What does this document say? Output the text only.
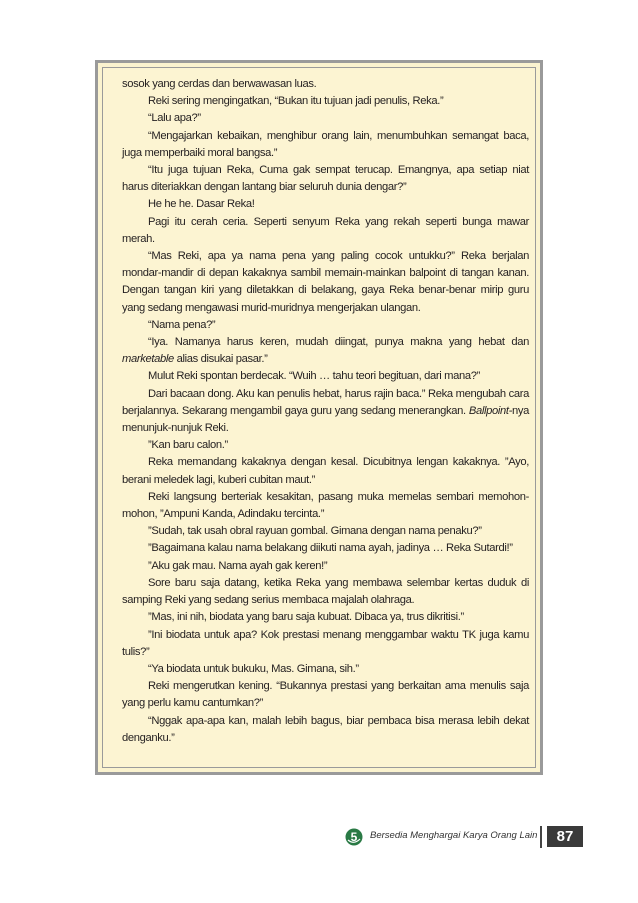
sosok yang cerdas dan berwawasan luas.

Reki sering mengingatkan, “Bukan itu tujuan jadi penulis, Reka.”

“Lalu apa?”

“Mengajarkan kebaikan, menghibur orang lain, menumbuhkan semangat baca, juga memperbaiki moral bangsa.”

“Itu juga tujuan Reka, Cuma gak sempat terucap. Emangnya, apa setiap niat harus diteriakkan dengan lantang biar seluruh dunia dengar?”

He he he. Dasar Reka!

Pagi itu cerah ceria. Seperti senyum Reka yang rekah seperti bunga mawar merah.

“Mas Reki, apa ya nama pena yang paling cocok untukku?” Reka berjalan mondar-mandir di depan kakaknya sambil memain-mainkan balpoint di tangan kanan. Dengan tangan kiri yang diletakkan di belakang, gaya Reka benar-benar mirip guru yang sedang mengawasi murid-muridnya mengerjakan ulangan.

“Nama pena?”

“Iya. Namanya harus keren, mudah diingat, punya makna yang hebat dan marketable alias disukai pasar.”

Mulut Reki spontan berdecak. “Wuih … tahu teori begituan, dari mana?”

Dari bacaan dong. Aku kan penulis hebat, harus rajin baca.” Reka mengubah cara berjalannya. Sekarang mengambil gaya guru yang sedang menerangkan. Ballpoint-nya menunjuk-nunjuk Reki.

”Kan baru calon.”

Reka memandang kakaknya dengan kesal. Dicubitnya lengan kakaknya. ”Ayo, berani meledek lagi, kuberi cubitan maut.”

Reki langsung berteriak kesakitan, pasang muka memelas sembari memohon-mohon, ”Ampuni Kanda, Adindaku tercinta.”

”Sudah, tak usah obral rayuan gombal. Gimana dengan nama penaku?”

”Bagaimana kalau nama belakang diikuti nama ayah, jadinya … Reka Sutardi!”

”Aku gak mau. Nama ayah gak keren!”

Sore baru saja datang, ketika Reka yang membawa selembar kertas duduk di samping Reki yang sedang serius membaca majalah olahraga.

”Mas, ini nih, biodata yang baru saja kubuat. Dibaca ya, trus dikritisi.”

”Ini biodata untuk apa? Kok prestasi menang menggambar waktu TK juga kamu tulis?”

“Ya biodata untuk bukuku, Mas. Gimana, sih.”

Reki mengerutkan kening. “Bukannya prestasi yang berkaitan ama menulis saja yang perlu kamu cantumkan?”

“Nggak apa-apa kan, malah lebih bagus, biar pembaca bisa merasa lebih dekat denganku.”

5 Bersedia Menghargai Karya Orang Lain	87
